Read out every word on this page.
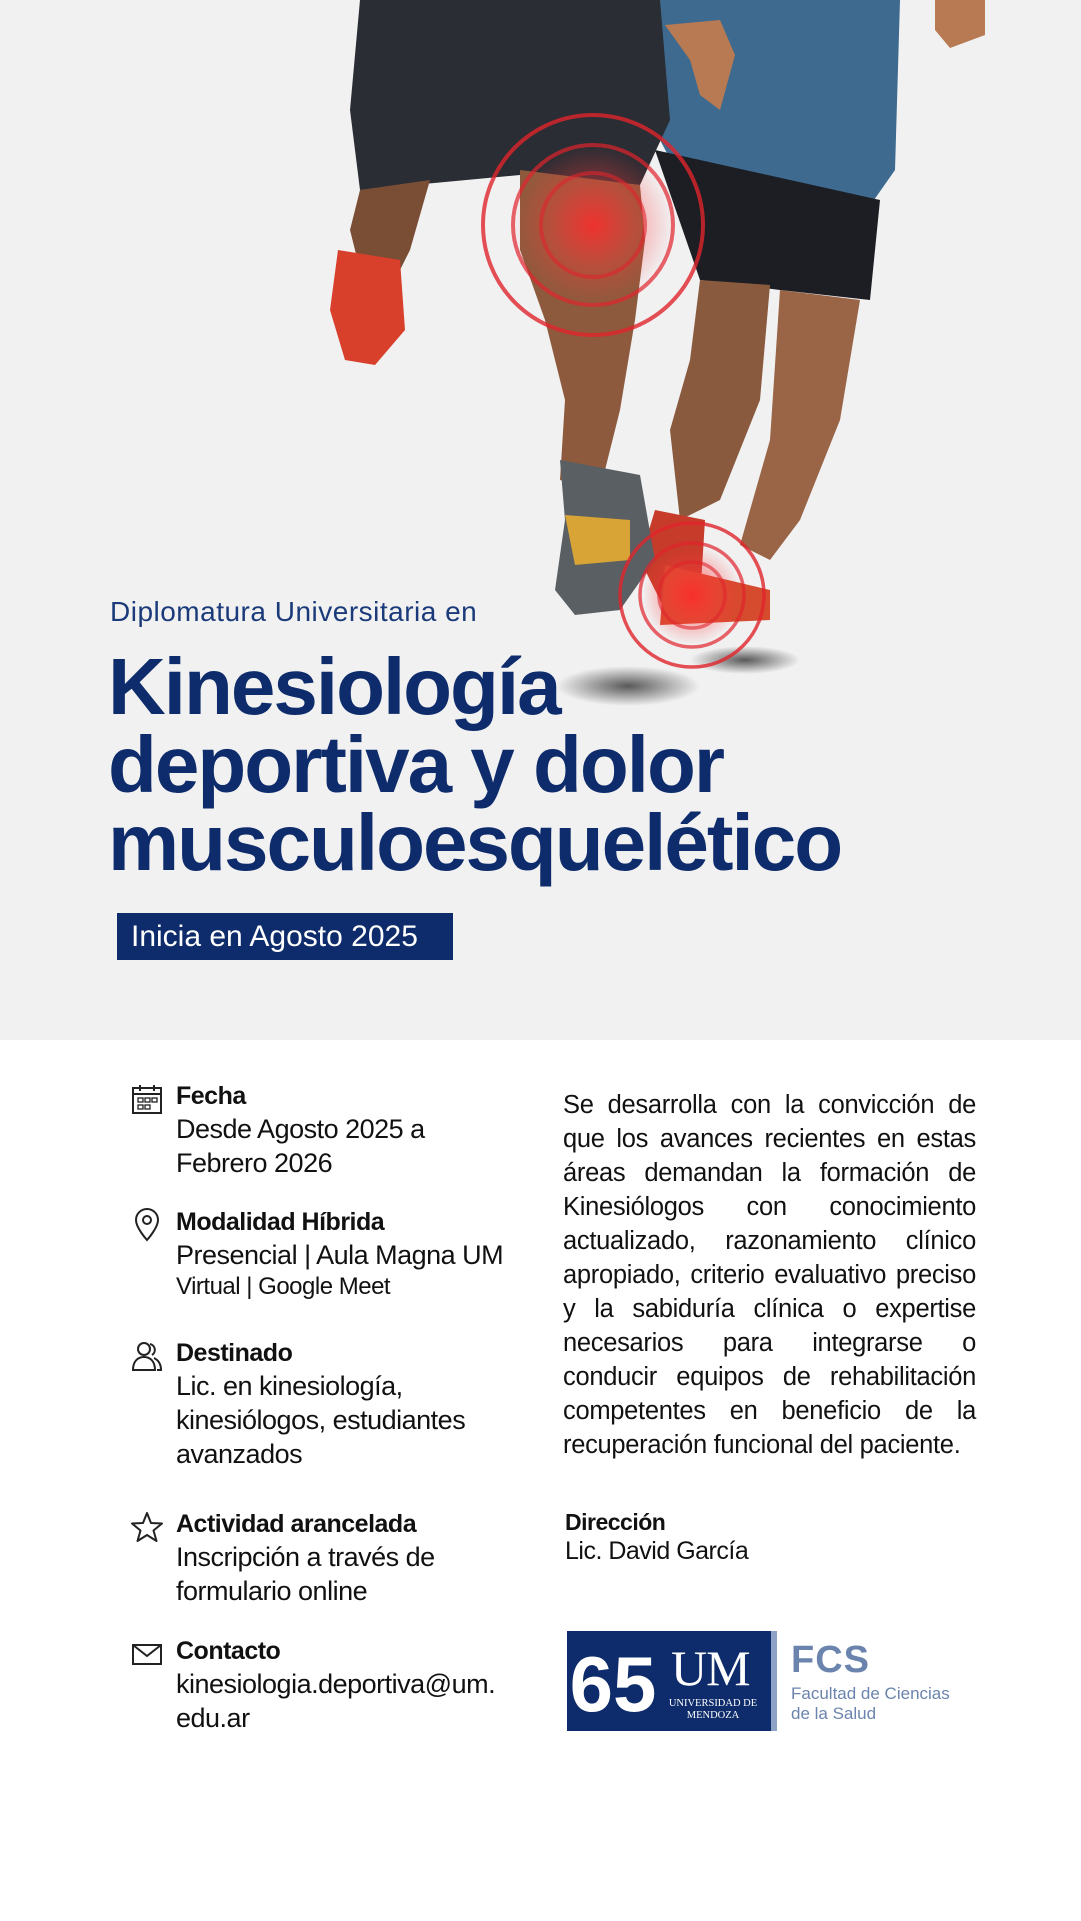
Diplomatura Universitaria en
Kinesiología
deportiva y dolor
musculoesquelético
Inicia en Agosto 2025
Fecha
Desde Agosto 2025 a
Febrero 2026
Modalidad Híbrida
Presencial | Aula Magna UM
Virtual | Google Meet
Destinado
Lic. en kinesiología,
kinesiólogos, estudiantes
avanzados
Actividad arancelada
Inscripción a través de
formulario online
Contacto
kinesiologia.deportiva@um.
edu.ar
Se desarrolla con la convicción de que los avances recientes en estas áreas demandan la formación de Kinesiólogos con conocimiento actualizado, razonamiento clínico apropiado, criterio evaluativo preciso y la sabiduría clínica o expertise necesarios para integrarse o conducir equipos de rehabilitación competentes en beneficio de la recuperación funcional del paciente.
Dirección
Lic. David García
65 UM
UNIVERSIDAD DE MENDOZA
FCS
Facultad de Ciencias
de la Salud
